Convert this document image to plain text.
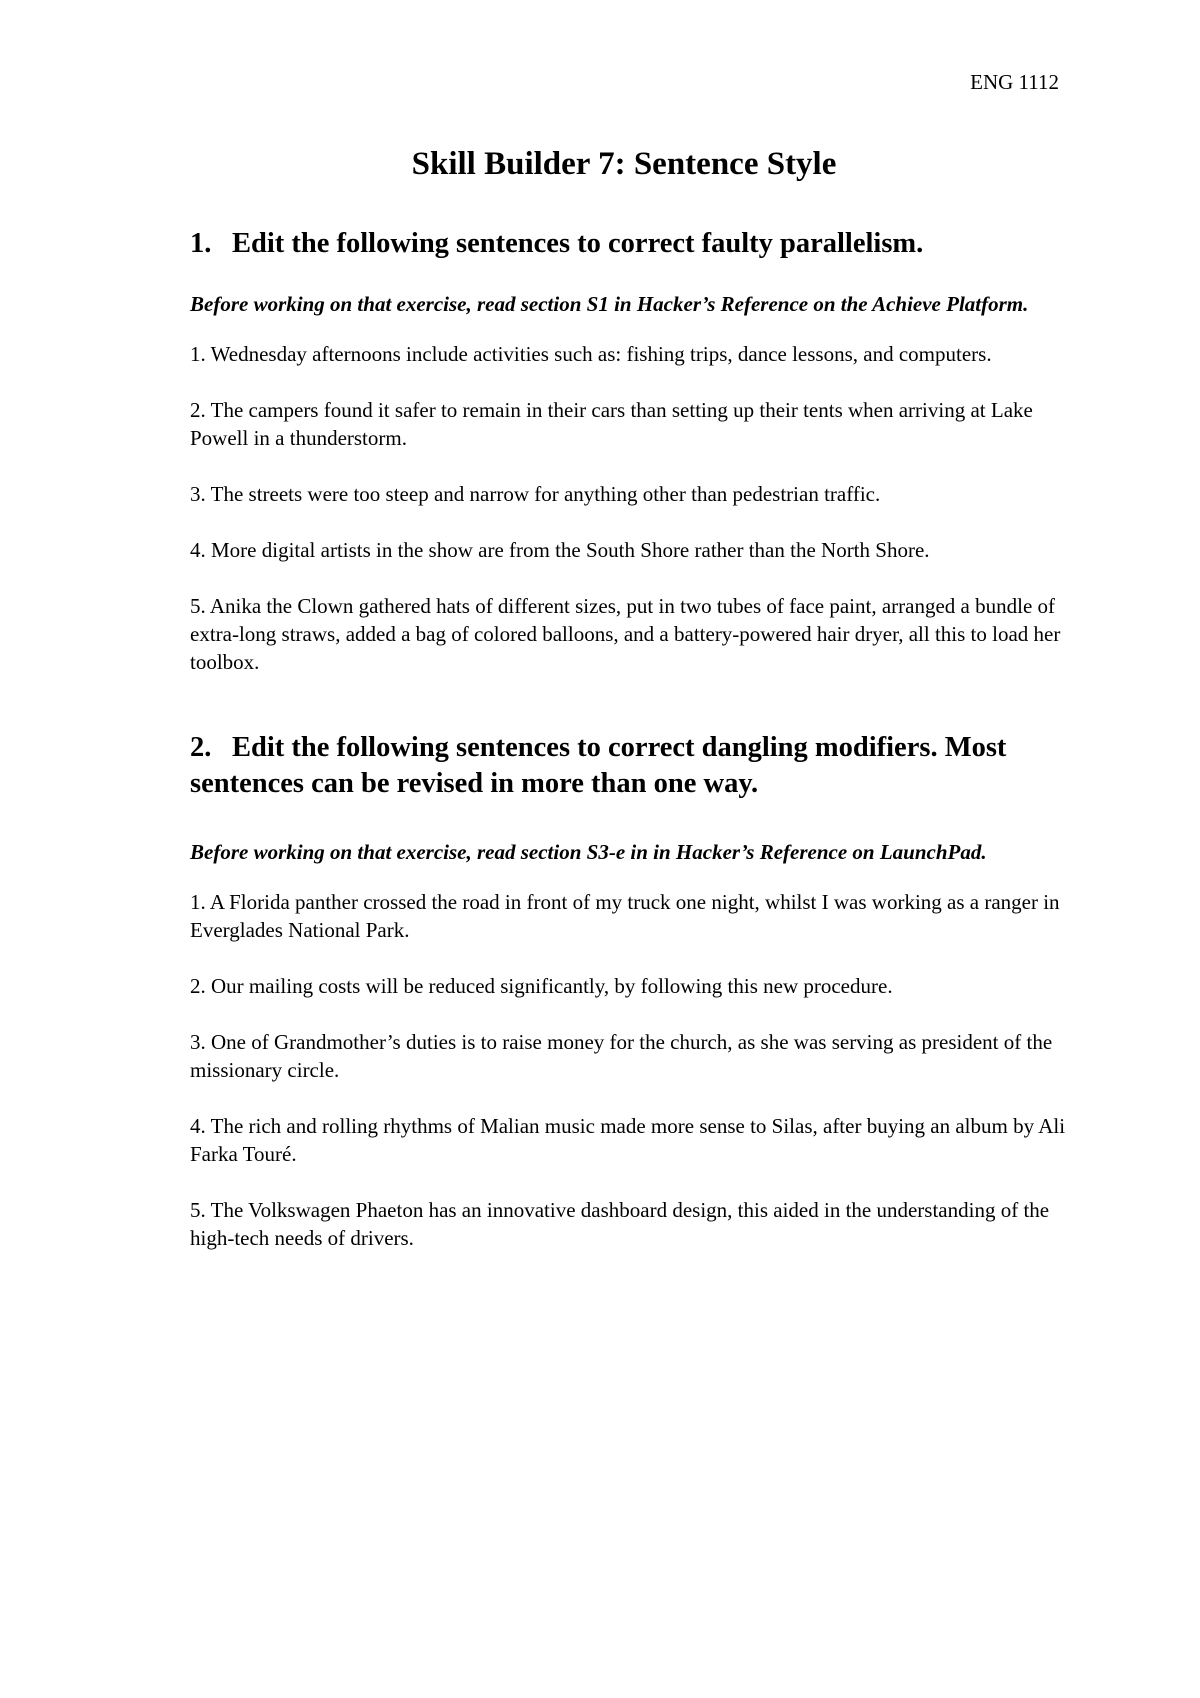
ENG 1112

Skill Builder 7: Sentence Style
1. Edit the following sentences to correct faulty parallelism.

Before working on that exercise, read section S1 in Hacker’s Reference on the Achieve Platform.

1. Wednesday afternoons include activities such as: fishing trips, dance lessons, and computers.

2. The campers found it safer to remain in their cars than setting up their tents when arriving at Lake Powell in a thunderstorm.

3. The streets were too steep and narrow for anything other than pedestrian traffic.

4. More digital artists in the show are from the South Shore rather than the North Shore.

5. Anika the Clown gathered hats of different sizes, put in two tubes of face paint, arranged a bundle of extra-long straws, added a bag of colored balloons, and a battery-powered hair dryer, all this to load her toolbox.

2. Edit the following sentences to correct dangling modifiers. Most sentences can be revised in more than one way.

Before working on that exercise, read section S3-e in in Hacker’s Reference on LaunchPad.

1. A Florida panther crossed the road in front of my truck one night, whilst I was working as a ranger in Everglades National Park.

2. Our mailing costs will be reduced significantly, by following this new procedure.

3. One of Grandmother’s duties is to raise money for the church, as she was serving as president of the missionary circle.

4. The rich and rolling rhythms of Malian music made more sense to Silas, after buying an album by Ali Farka Touré.

5. The Volkswagen Phaeton has an innovative dashboard design, this aided in the understanding of the high-tech needs of drivers.
